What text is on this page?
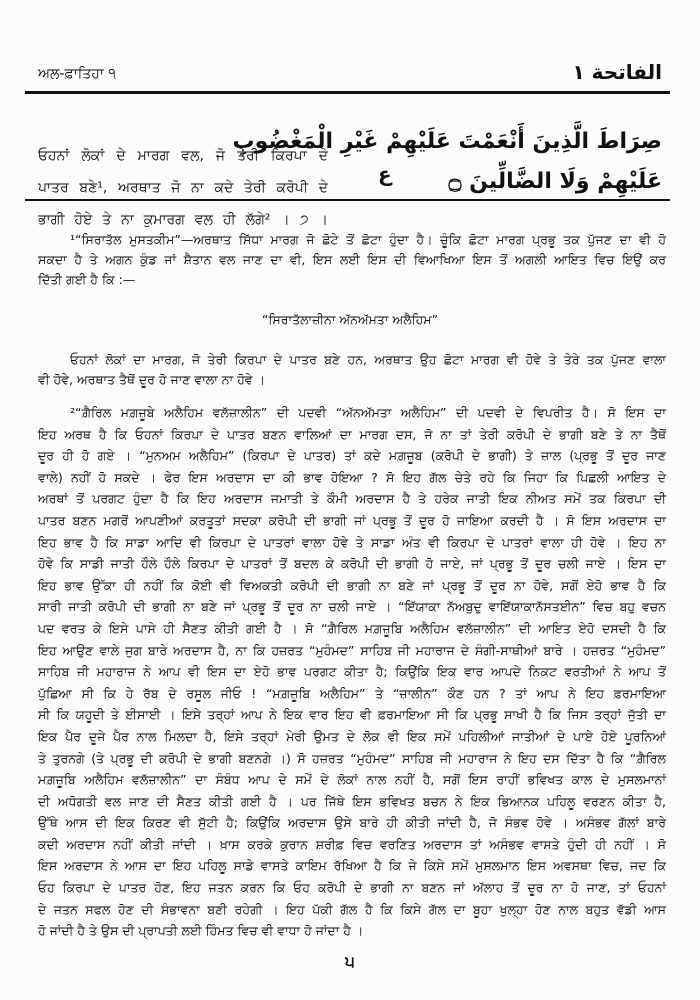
ਅਲ-ਫ਼ਾਤਿਹਾ ੧	الفاتحة ۱
ਓਹਨਾਂ ਲੋਕਾਂ ਦੇ ਮਾਰਗ ਵਲ, ਜੋ ਤੇਰੀ ਕਿਰਪਾ ਦੇ
ਪਾਤਰ ਬਣੇ¹, ਅਰਥਾਤ ਜੋ ਨਾ ਕਦੇ ਤੇਰੀ ਕਰੋਪੀ ਦੇ
ਭਾਗੀ ਹੋਏ ਤੇ ਨਾ ਕੁਮਾਰਗ ਵਲ ਹੀ ਲੱਗੇ² । ੭ ।
صِرَاطَ الَّذِينَ أَنْعَمْتَ عَلَيْهِمْ غَيْرِ الْمَغْضُوبِ
عَلَيْهِمْ وَلَا الضَّالِّينَ ۝
ع
¹“ਸਿਰਾਤੱਲ ਮੁਸਤਕੀਮ”—ਅਰਥਾਤ ਸਿੱਧਾ ਮਾਰਗ ਜੋ ਛੋਟੇ ਤੋਂ ਛੋਟਾ ਹੁੰਦਾ ਹੈ। ਚੂੰਕਿ ਛੋਟਾ ਮਾਰਗ ਪ੍ਰਭੂ ਤਕ ਪੁੱਜਣ ਦਾ ਵੀ ਹੋ
ਸਕਦਾ ਹੈ ਤੇ ਅਗਨ ਕੁੰਡ ਜਾਂ ਸ਼ੈਤਾਨ ਵਲ ਜਾਣ ਦਾ ਵੀ, ਇਸ ਲਈ ਇਸ ਦੀ ਵਿਆਖਿਆ ਇਸ ਤੋਂ ਅਗਲੀ ਆਇਤ ਵਿਚ ਇਉਂ ਕਰ
ਦਿੱਤੀ ਗਈ ਹੈ ਕਿ :—
“ਸਿਰਾਤੱਲਾਜ਼ੀਨਾ ਅੱਨਅੱਮਤਾ ਅਲੈਹਿਮ”
ਓਹਨਾਂ ਲੋਕਾਂ ਦਾ ਮਾਰਗ, ਜੋ ਤੇਰੀ ਕਿਰਪਾ ਦੇ ਪਾਤਰ ਬਣੇ ਹਨ, ਅਰਥਾਤ ਉਹ ਛੋਟਾ ਮਾਰਗ ਵੀ ਹੋਵੇ ਤੇ ਤੇਰੇ ਤਕ ਪੁੱਜਣ ਵਾਲਾ
ਵੀ ਹੋਵੇ, ਅਰਥਾਤ ਤੈਥੋਂ ਦੂਰ ਹੋ ਜਾਣ ਵਾਲਾ ਨਾ ਹੋਵੇ ।
²“ਗ਼ੈਰਿਲ ਮਗ਼ਜ਼ੂਬੇ ਅਲੈਹਿਮ ਵਲੱਜ਼ਾਲੀਨ” ਦੀ ਪਦਵੀ “ਅੱਨਅੱਮਤਾ ਅਲੈਹਿਮ” ਦੀ ਪਦਵੀ ਦੇ ਵਿਪਰੀਤ ਹੈ। ਸੋ ਇਸ ਦਾ
ਇਹ ਅਰਥ ਹੈ ਕਿ ਓਹਨਾਂ ਕਿਰਪਾ ਦੇ ਪਾਤਰ ਬਣਨ ਵਾਲਿਆਂ ਦਾ ਮਾਰਗ ਦਸ, ਜੋ ਨਾ ਤਾਂ ਤੇਰੀ ਕਰੋਪੀ ਦੇ ਭਾਗੀ ਬਣੇ ਤੇ ਨਾ ਤੈਥੋਂ
ਦੂਰ ਹੀ ਹੋ ਗਏ । “ਮੁਨਅਮ ਅਲੈਹਿਮ” (ਕਿਰਪਾ ਦੇ ਪਾਤਰ) ਤਾਂ ਕਦੇ ਮਗ਼ਜ਼ੂਬ (ਕਰੋਪੀ ਦੇ ਭਾਗੀ) ਤੇ ਜ਼ਾਲ (ਪ੍ਰਭੂ ਤੋਂ ਦੂਰ ਜਾਣ
ਵਾਲੇ) ਨਹੀਂ ਹੋ ਸਕਦੇ । ਫੇਰ ਇਸ ਅਰਦਾਸ ਦਾ ਕੀ ਭਾਵ ਹੋਇਆ ? ਸੋ ਇਹ ਗੱਲ ਚੇਤੇ ਰਹੇ ਕਿ ਜਿਹਾ ਕਿ ਪਿਛਲੀ ਆਇਤ ਦੇ
ਅਰਥਾਂ ਤੋਂ ਪਰਗਟ ਹੁੰਦਾ ਹੈ ਕਿ ਇਹ ਅਰਦਾਸ ਜਮਾਤੀ ਤੇ ਕੌਮੀ ਅਰਦਾਸ ਹੈ ਤੇ ਹਰੇਕ ਜਾਤੀ ਇਕ ਨੀਅਤ ਸਮੇਂ ਤਕ ਕਿਰਪਾ ਦੀ
ਪਾਤਰ ਬਣਨ ਮਗਰੋਂ ਆਪਣੀਆਂ ਕਰਤੂਤਾਂ ਸਦਕਾ ਕਰੋਪੀ ਦੀ ਭਾਗੀ ਜਾਂ ਪ੍ਰਭੂ ਤੋਂ ਦੂਰ ਹੋ ਜਾਇਆ ਕਰਦੀ ਹੈ । ਸੋ ਇਸ ਅਰਦਾਸ ਦਾ
ਇਹ ਭਾਵ ਹੈ ਕਿ ਸਾਡਾ ਆਦਿ ਵੀ ਕਿਰਪਾ ਦੇ ਪਾਤਰਾਂ ਵਾਲਾ ਹੋਵੇ ਤੇ ਸਾਡਾ ਅੰਤ ਵੀ ਕਿਰਪਾ ਦੇ ਪਾਤਰਾਂ ਵਾਲਾ ਹੀ ਹੋਵੇ । ਇਹ ਨਾ
ਹੋਵੇ ਕਿ ਸਾਡੀ ਜਾਤੀ ਹੌਲੇ ਹੌਲੇ ਕਿਰਪਾ ਦੇ ਪਾਤਰਾਂ ਤੋਂ ਬਦਲ ਕੇ ਕਰੋਪੀ ਦੀ ਭਾਗੀ ਹੋ ਜਾਏ, ਜਾਂ ਪ੍ਰਭੂ ਤੋਂ ਦੂਰ ਚਲੀ ਜਾਏ । ਇਸ ਦਾ
ਇਹ ਭਾਵ ਉੱਕਾ ਹੀ ਨਹੀਂ ਕਿ ਕੋਈ ਵੀ ਵਿਅਕਤੀ ਕਰੋਪੀ ਦੀ ਭਾਗੀ ਨਾ ਬਣੇ ਜਾਂ ਪ੍ਰਭੂ ਤੋਂ ਦੂਰ ਨਾ ਹੋਵੇ, ਸਗੋਂ ਏਹੋ ਭਾਵ ਹੈ ਕਿ
ਸਾਰੀ ਜਾਤੀ ਕਰੋਪੀ ਦੀ ਭਾਗੀ ਨਾ ਬਣੇ ਜਾਂ ਪ੍ਰਭੂ ਤੋਂ ਦੂਰ ਨਾ ਚਲੀ ਜਾਏ । “ਇੱਯਾਕਾ ਨੱਅਬੁਦੁ ਵਾਇੱਯਾਕਾਨੱਸਤਈਨ” ਵਿਚ ਬਹੁ ਵਚਨ
ਪਦ ਵਰਤ ਕੇ ਇਸੇ ਪਾਸੇ ਹੀ ਸੈਣਤ ਕੀਤੀ ਗਈ ਹੈ । ਸੋ “ਗ਼ੈਰਿਲ ਮਗ਼ਜ਼ੂਬਿ ਅਲੈਹਿਮ ਵਲੱਜ਼ਾਲੀਨ” ਦੀ ਆਇਤ ਏਹੋ ਦਸਦੀ ਹੈ ਕਿ
ਇਹ ਆਉਣ ਵਾਲੇ ਜੁਗ ਬਾਰੇ ਅਰਦਾਸ ਹੈ, ਨਾ ਕਿ ਹਜ਼ਰਤ “ਮੁਹੰਮਦ” ਸਾਹਿਬ ਜੀ ਮਹਾਰਾਜ ਦੇ ਸੰਗੀ-ਸਾਥੀਆਂ ਬਾਰੇ । ਹਜ਼ਰਤ “ਮੁਹੰਮਦ”
ਸਾਹਿਬ ਜੀ ਮਹਾਰਾਜ ਨੇ ਆਪ ਵੀ ਇਸ ਦਾ ਏਹੋ ਭਾਵ ਪਰਗਟ ਕੀਤਾ ਹੈ; ਕਿਉਂਕਿ ਇਕ ਵਾਰ ਆਪਦੇ ਨਿਕਟ ਵਰਤੀਆਂ ਨੇ ਆਪ ਤੋਂ
ਪੁੱਛਿਆ ਸੀ ਕਿ ਹੇ ਰੱਬ ਦੇ ਰਸੂਲ ਜੀਓ ! “ਮਗ਼ਜ਼ੂਬਿ ਅਲੈਹਿਮ” ਤੇ “ਜ਼ਾਲੀਨ” ਕੌਣ ਹਨ ? ਤਾਂ ਆਪ ਨੇ ਇਹ ਫ਼ਰਮਾਇਆ
ਸੀ ਕਿ ਯਹੂਦੀ ਤੇ ਈਸਾਈ । ਇਸੇ ਤਰ੍ਹਾਂ ਆਪ ਨੇ ਇਕ ਵਾਰ ਇਹ ਵੀ ਫ਼ਰਮਾਇਆ ਸੀ ਕਿ ਪ੍ਰਭੂ ਸਾਖੀ ਹੈ ਕਿ ਜਿਸ ਤਰ੍ਹਾਂ ਜੁੱਤੀ ਦਾ
ਇਕ ਪੈਰ ਦੂਜੇ ਪੈਰ ਨਾਲ ਮਿਲਦਾ ਹੈ, ਇਸੇ ਤਰ੍ਹਾਂ ਮੇਰੀ ਉਮਤ ਦੇ ਲੋਕ ਵੀ ਇਕ ਸਮੇਂ ਪਹਿਲੀਆਂ ਜਾਤੀਆਂ ਦੇ ਪਾਏ ਹੋਏ ਪੂਰਨਿਆਂ
ਤੇ ਤੁਰਨਗੇ (ਤੇ ਪ੍ਰਭੂ ਦੀ ਕਰੋਪੀ ਦੇ ਭਾਗੀ ਬਣਨਗੇ ।) ਸੋ ਹਜ਼ਰਤ “ਮੁਹੰਮਦ” ਸਾਹਿਬ ਜੀ ਮਹਾਰਾਜ ਨੇ ਇਹ ਦਸ ਦਿੱਤਾ ਹੈ ਕਿ “ਗ਼ੈਰਿਲ
ਮਗ਼ਜ਼ੂਬਿ ਅਲੈਹਿਮ ਵਲੱਜ਼ਾਲੀਨ” ਦਾ ਸੰਬੰਧ ਆਪ ਦੇ ਸਮੇਂ ਦੇ ਲੋਕਾਂ ਨਾਲ ਨਹੀਂ ਹੈ, ਸਗੋਂ ਇਸ ਰਾਹੀਂ ਭਵਿਖਤ ਕਾਲ ਦੇ ਮੁਸਲਮਾਨਾਂ
ਦੀ ਅਧੋਗਤੀ ਵਲ ਜਾਣ ਦੀ ਸੈਣਤ ਕੀਤੀ ਗਈ ਹੈ । ਪਰ ਜਿੱਥੇ ਇਸ ਭਵਿਖਤ ਬਚਨ ਨੇ ਇਕ ਭਿਆਨਕ ਪਹਿਲੂ ਵਰਣਨ ਕੀਤਾ ਹੈ,
ਉੱਥੇ ਆਸ ਦੀ ਇਕ ਕਿਰਣ ਵੀ ਸੁੱਟੀ ਹੈ; ਕਿਉਂਕਿ ਅਰਦਾਸ ਉਸੇ ਬਾਰੇ ਹੀ ਕੀਤੀ ਜਾਂਦੀ ਹੈ, ਜੋ ਸੰਭਵ ਹੋਵੇ । ਅਸੰਭਵ ਗੱਲਾਂ ਬਾਰੇ
ਕਦੀ ਅਰਦਾਸ ਨਹੀਂ ਕੀਤੀ ਜਾਂਦੀ । ਖ਼ਾਸ ਕਰਕੇ ਕੁਰਾਨ ਸ਼ਰੀਫ਼ ਵਿਚ ਵਰਣਿਤ ਅਰਦਾਸ ਤਾਂ ਅਸੰਭਵ ਵਾਸਤੇ ਹੁੰਦੀ ਹੀ ਨਹੀਂ । ਸੋ
ਇਸ ਅਰਦਾਸ ਨੇ ਆਸ ਦਾ ਇਹ ਪਹਿਲੂ ਸਾਡੇ ਵਾਸਤੇ ਕਾਇਮ ਰੱਖਿਆ ਹੈ ਕਿ ਜੇ ਕਿਸੇ ਸਮੇਂ ਮੁਸਲਮਾਨ ਇਸ ਅਵਸਥਾ ਵਿਚ, ਜਦ ਕਿ
ਓਹ ਕਿਰਪਾ ਦੇ ਪਾਤਰ ਹੋਣ, ਇਹ ਜਤਨ ਕਰਨ ਕਿ ਓਹ ਕਰੋਪੀ ਦੇ ਭਾਗੀ ਨਾ ਬਣਨ ਜਾਂ ਅੱਲਾਹ ਤੋਂ ਦੂਰ ਨਾ ਹੋ ਜਾਣ, ਤਾਂ ਓਹਨਾਂ
ਦੇ ਜਤਨ ਸਫਲ ਹੋਣ ਦੀ ਸੰਭਾਵਨਾ ਬਣੀ ਰਹੇਗੀ । ਇਹ ਪੱਕੀ ਗੱਲ ਹੈ ਕਿ ਕਿਸੇ ਗੱਲ ਦਾ ਬੂਹਾ ਖੁਲ੍ਹਾ ਹੋਣ ਨਾਲ ਬਹੁਤ ਵੱਡੀ ਆਸ
ਹੋ ਜਾਂਦੀ ਹੈ ਤੇ ਉਸ ਦੀ ਪ੍ਰਾਪਤੀ ਲਈ ਹਿੰਮਤ ਵਿਚ ਵੀ ਵਾਧਾ ਹੋ ਜਾਂਦਾ ਹੈ ।
੫
